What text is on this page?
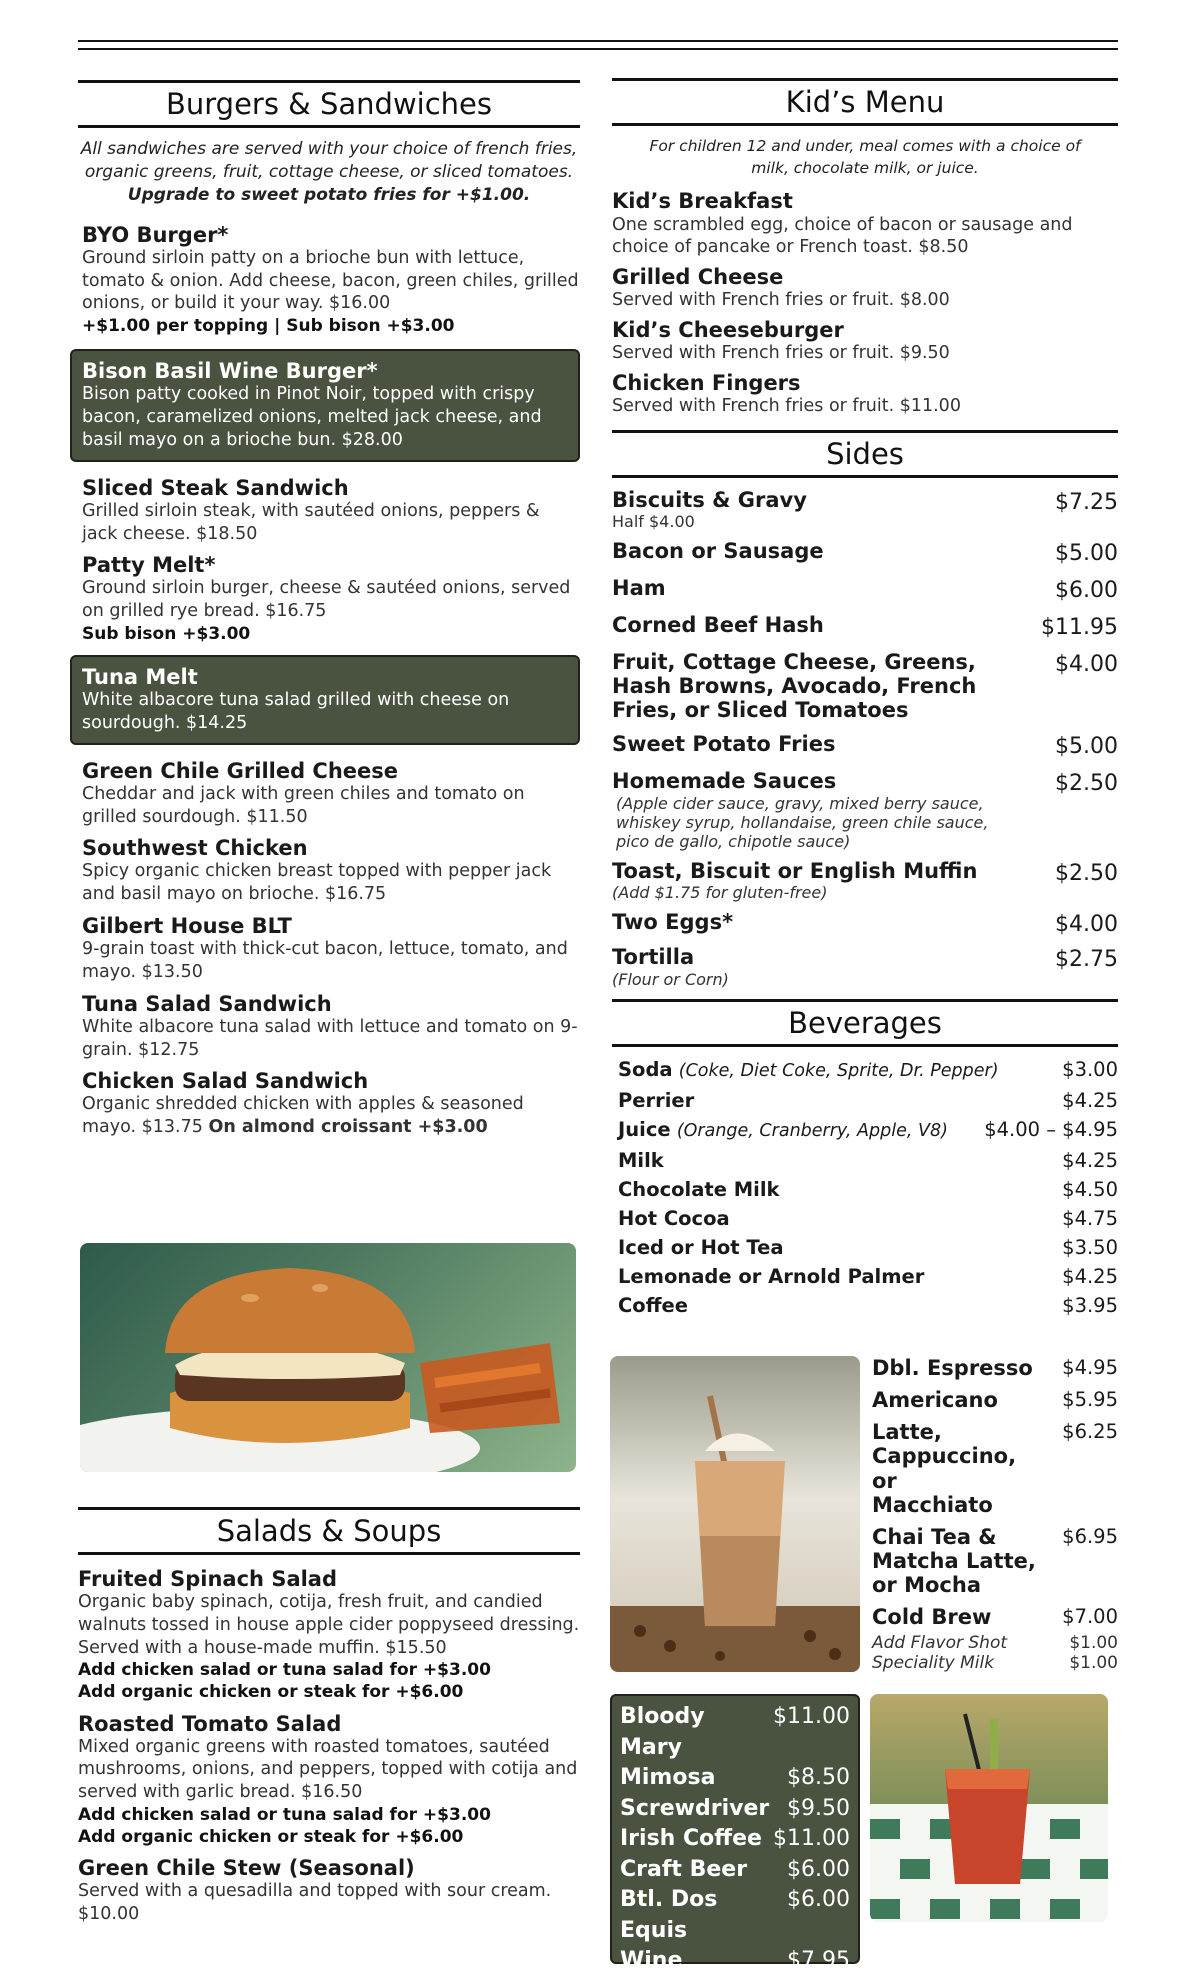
Burgers & Sandwiches
All sandwiches are served with your choice of french fries,
organic greens, fruit, cottage cheese, or sliced tomatoes.
Upgrade to sweet potato fries for +$1.00.
BYO Burger*
Ground sirloin patty on a brioche bun with lettuce, tomato & onion. Add cheese, bacon, green chiles, grilled onions, or build it your way. $16.00
+$1.00 per topping | Sub bison +$3.00
Bison Basil Wine Burger*
Bison patty cooked in Pinot Noir, topped with crispy bacon, caramelized onions, melted jack cheese, and basil mayo on a brioche bun. $28.00
Sliced Steak Sandwich
Grilled sirloin steak, with sautéed onions, peppers & jack cheese. $18.50
Patty Melt*
Ground sirloin burger, cheese & sautéed onions, served on grilled rye bread. $16.75
Sub bison +$3.00
Tuna Melt
White albacore tuna salad grilled with cheese on sourdough. $14.25
Green Chile Grilled Cheese
Cheddar and jack with green chiles and tomato on grilled sourdough. $11.50
Southwest Chicken
Spicy organic chicken breast topped with pepper jack and basil mayo on brioche. $16.75
Gilbert House BLT
9-grain toast with thick-cut bacon, lettuce, tomato, and mayo. $13.50
Tuna Salad Sandwich
White albacore tuna salad with lettuce and tomato on 9-grain. $12.75
Chicken Salad Sandwich
Organic shredded chicken with apples & seasoned mayo. $13.75 On almond croissant +$3.00
Salads & Soups
Fruited Spinach Salad
Organic baby spinach, cotija, fresh fruit, and candied walnuts tossed in house apple cider poppyseed dressing. Served with a house-made muffin. $15.50
Add chicken salad or tuna salad for +$3.00
Add organic chicken or steak for +$6.00
Roasted Tomato Salad
Mixed organic greens with roasted tomatoes, sautéed mushrooms, onions, and peppers, topped with cotija and served with garlic bread. $16.50
Add chicken salad or tuna salad for +$3.00
Add organic chicken or steak for +$6.00
Green Chile Stew (Seasonal)
Served with a quesadilla and topped with sour cream. $10.00
Kid’s Menu
For children 12 and under, meal comes with a choice of milk, chocolate milk, or juice.
Kid’s Breakfast
One scrambled egg, choice of bacon or sausage and choice of pancake or French toast. $8.50
Grilled Cheese
Served with French fries or fruit. $8.00
Kid’s Cheeseburger
Served with French fries or fruit. $9.50
Chicken Fingers
Served with French fries or fruit. $11.00
Sides
Biscuits & Gravy
Half $4.00
$7.25
Bacon or Sausage	$5.00
Ham	$6.00
Corned Beef Hash	$11.95
Fruit, Cottage Cheese, Greens, Hash Browns, Avocado, French Fries, or Sliced Tomatoes
$4.00
Sweet Potato Fries	$5.00
Homemade Sauces
(Apple cider sauce, gravy, mixed berry sauce, whiskey syrup, hollandaise, green chile sauce, pico de gallo, chipotle sauce)
$2.50
Toast, Biscuit or English Muffin
(Add $1.75 for gluten-free)
$2.50
Two Eggs*	$4.00
Tortilla
(Flour or Corn)
$2.75
Beverages
Soda (Coke, Diet Coke, Sprite, Dr. Pepper)	$3.00
Perrier	$4.25
Juice (Orange, Cranberry, Apple, V8) $4.00 – $4.95
Milk	$4.25
Chocolate Milk	$4.50
Hot Cocoa	$4.75
Iced or Hot Tea	$3.50
Lemonade or Arnold Palmer	$4.25
Coffee	$3.95
Dbl. Espresso $4.95
Americano	$5.95
Latte, Cappuccino, or Macchiato
$6.25
Chai Tea & Matcha Latte, or Mocha
$6.95
Cold Brew	$7.00
Add Flavor Shot	$1.00
Speciality Milk	$1.00
Bloody Mary
$11.00
Mimosa	$8.50
Screwdriver $9.50
Irish Coffee $11.00
Craft Beer $6.00
Btl. Dos Equis
$6.00
Wine	$7.95
